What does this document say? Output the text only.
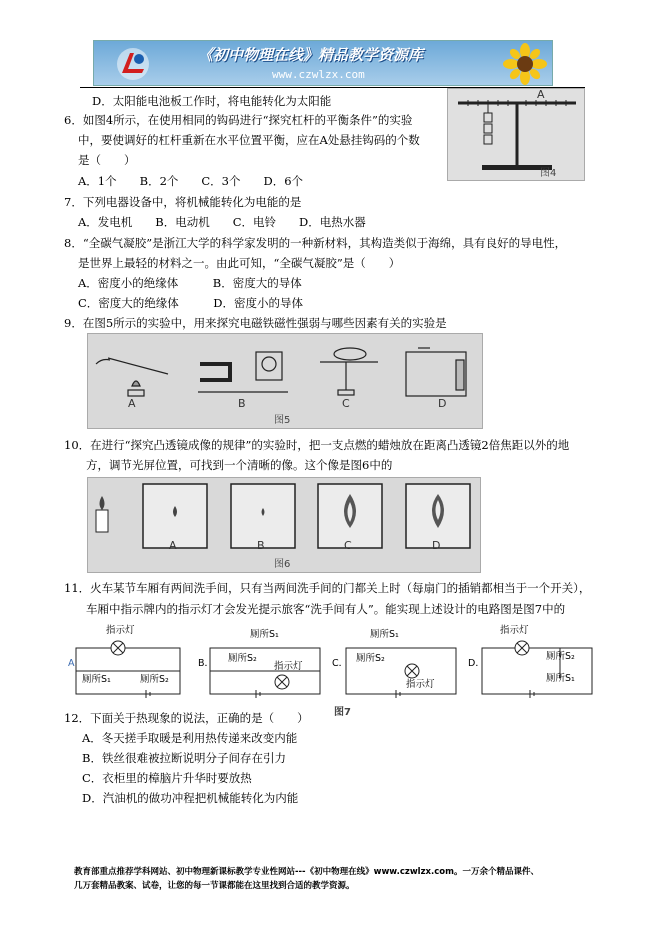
《初中物理在线》精品教学资源库
www.czwlzx.com
D．太阳能电池板工作时，将电能转化为太阳能	A
图4
6．如图4所示，在使用相同的钩码进行“探究杠杆的平衡条件”的实验
中，要使调好的杠杆重新在水平位置平衡，应在A处悬挂钩码的个数
是（　　）
A．1个　　B．2个　　C．3个　　D．6个
7．下列电器设备中，将机械能转化为电能的是
A．发电机　　B．电动机　　C．电铃　　D．电热水器
8．“全碳气凝胶”是浙江大学的科学家发明的一种新材料，其构造类似于海绵，具有良好的导电性，
是世界上最轻的材料之一。由此可知，“全碳气凝胶”是（　　）
A．密度小的绝缘体　　　B．密度大的导体
C．密度大的绝缘体　　　D．密度小的导体
9．在图5所示的实验中，用来探究电磁铁磁性强弱与哪些因素有关的实验是
A	B	C	D
图5
10．在进行“探究凸透镜成像的规律”的实验时，把一支点燃的蜡烛放在距离凸透镜2倍焦距以外的地
方，调节光屏位置，可找到一个清晰的像。这个像是图6中的
A	B	C	D
图6
11．火车某节车厢有两间洗手间，只有当两间洗手间的门都关上时（每扇门的插销都相当于一个开关），
车厢中指示牌内的指示灯才会发光提示旅客“洗手间有人”。能实现上述设计的电路图是图7中的
A	B．	C．	D．
指示灯
厕所S₁	厕所S₂
厕所S₁
厕所S₂
指示灯
厕所S₁
厕所S₂
指示灯
指示灯
厕所S₂
厕所S₁
图7
12．下面关于热现象的说法，正确的是（　　）
A．冬天搓手取暖是利用热传递来改变内能
B．铁丝很难被拉断说明分子间存在引力
C．衣柜里的樟脑片升华时要放热
D．汽油机的做功冲程把机械能转化为内能
教育部重点推荐学科网站、初中物理新课标教学专业性网站---《初中物理在线》www.czwlzx.com。一万余个精品课件、
几万套精品教案、试卷，让您的每一节课都能在这里找到合适的教学资源。
